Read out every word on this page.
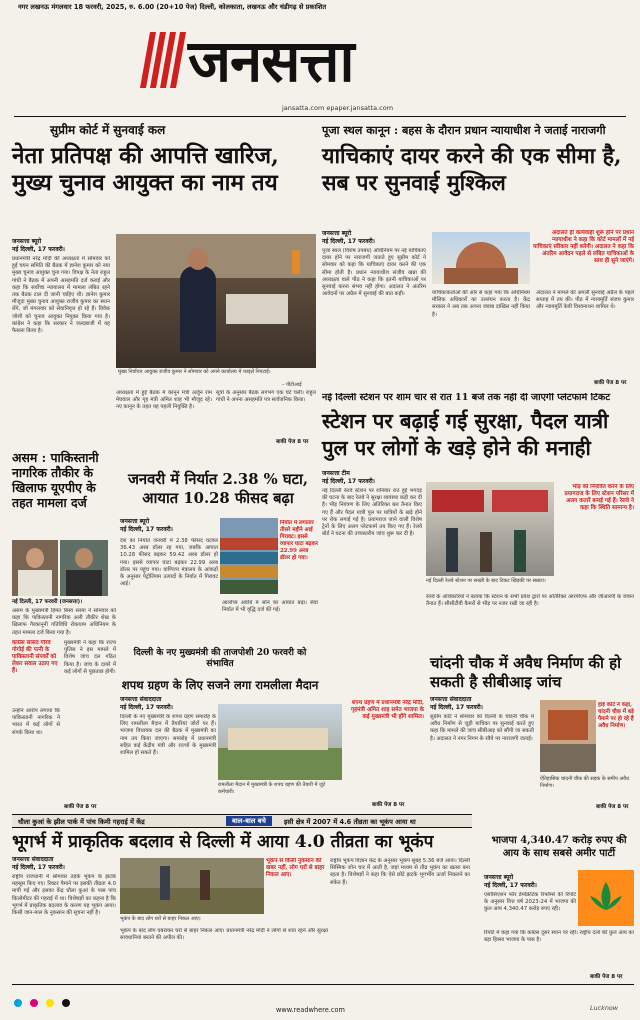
नगर लखनऊ मंगलवार 18 फरवरी, 2025, रु. 6.00 (20+10 पेज) दिल्ली, कोलकाता, लखनऊ और चंडीगढ़ से प्रकाशित
जनसत्ता
jansatta.com epaper.jansatta.com
सुप्रीम कोर्ट में सुनवाई कल	पूजा स्थल कानून : बहस के दौरान प्रधान न्यायाधीश ने जताई नाराजगी
नेता प्रतिपक्ष की आपत्ति खारिज, मुख्य चुनाव आयुक्त का नाम तय
जनसत्ता ब्यूरो
नई दिल्ली, 17 फरवरी।
प्रधानमंत्री नरेंद्र मोदी की अध्यक्षता में सोमवार को हुई चयन समिति की बैठक में ज्ञानेश कुमार को नया मुख्य चुनाव आयुक्त चुना गया। विपक्ष के नेता राहुल गांधी ने बैठक में अपनी असहमति दर्ज कराई और कहा कि सर्वोच्च न्यायालय में मामला लंबित रहने तक बैठक टाल दी जानी चाहिए थी। ज्ञानेश कुमार मौजूदा मुख्य चुनाव आयुक्त राजीव कुमार का स्थान लेंगे, जो मंगलवार को सेवानिवृत्त हो रहे हैं। विवेक जोशी को चुनाव आयुक्त नियुक्त किया गया है। कांग्रेस ने कहा कि सरकार ने जल्दबाजी में यह फैसला किया है।
मुख्य निर्वाचन आयुक्त राजीव कुमार ने सोमवार को अपने कार्यालय में फाइलें निपटाई।
– पीटीआई
अध्यक्षता में हुई बैठक में कानून मंत्री अर्जुन राम मेघवाल और गृह मंत्री अमित शाह भी मौजूद रहे। नए कानून के तहत यह पहली नियुक्ति है।
सूत्रों के अनुसार बैठक लगभग एक घंटे चली। राहुल गांधी ने अपना असहमति पत्र सार्वजनिक किया।
बाकी पेज 8 पर
याचिकाएं दायर करने की एक सीमा है, सब पर सुनवाई मुश्किल
जनसत्ता ब्यूरो
नई दिल्ली, 17 फरवरी।
पूजा स्थल (विशेष उपबंध) अधिनियम पर नई याचिकाएं दायर होने पर नाराजगी जताते हुए सुप्रीम कोर्ट ने सोमवार को कहा कि याचिकाएं दायर करने की एक सीमा होती है। प्रधान न्यायाधीश संजीव खन्ना की अध्यक्षता वाले पीठ ने कहा कि इतनी याचिकाओं पर सुनवाई करना संभव नहीं होगा। अदालत ने अंतरिम आवेदनों पर अप्रैल में सुनवाई की बात कही।
अदालत ही कार्यवाही शुरू होने पर प्रधान न्यायाधीश ने कहा कि कोर्ट मामलों में नई याचिकाएं स्वीकार नहीं करेगी। अदालत ने कहा कि अंतरिम आवेदन पहले से लंबित याचिकाओं के साथ ही सुने जाएंगे।
याचिकाकर्ताओं की ओर से कहा गया कि अधिनियम मौलिक अधिकारों का उल्लंघन करता है। केंद्र सरकार ने अब तक अपना जवाब दाखिल नहीं किया है।
अदालत ने मामले की अगली सुनवाई अप्रैल के पहले सप्ताह में तय की। पीठ में न्यायमूर्ति संजय कुमार और न्यायमूर्ति केवी विश्वनाथन शामिल थे।
बाकी पेज 8 पर
नई दिल्ली स्टेशन पर शाम चार से रात 11 बजे तक नहीं दी जाएगी प्लेटफार्म टिकट
स्टेशन पर बढ़ाई गई सुरक्षा, पैदल यात्री पुल पर लोगों के खड़े होने की मनाही
जनसत्ता टीम
नई दिल्ली, 17 फरवरी।
नई दिल्ली रेलवे स्टेशन पर शनिवार रात हुई भगदड़ की घटना के बाद रेलवे ने सुरक्षा व्यवस्था कड़ी कर दी है। भीड़ नियंत्रण के लिए अतिरिक्त बल तैनात किए गए हैं और पैदल यात्री पुल पर यात्रियों के खड़े होने पर रोक लगाई गई है। प्रयागराज जाने वाली विशेष ट्रेनों के लिए अलग प्लेटफार्म तय किए गए हैं। रेलवे बोर्ड ने घटना की उच्चस्तरीय जांच शुरू कर दी है।
नई दिल्ली रेलवे स्टेशन पर सख्ती के बाद टिकट खिड़की पर सन्नाटा।
भीड़ को नियंत्रित करने के लिए प्रयागराज के लिए स्टेशन परिसर में अलग कतारें बनाई गई हैं। रेलवे ने कहा कि स्थिति सामान्य है।
रेलवे के अधिकारियों ने बताया कि स्टेशन के सभी प्रवेश द्वारों पर अतिरिक्त आरपीएफ और जीआरपी के जवान तैनात हैं। सीसीटीवी कैमरों से भीड़ पर नजर रखी जा रही है।
असम : पाकिस्तानी नागरिक तौकीर के खिलाफ यूएपीए के तहत मामला दर्ज
नई दिल्ली, 17 फरवरी (जनसत्ता)।
असम के मुख्यमंत्री हिमंत बिस्व सरमा ने सोमवार को कहा कि पाकिस्तानी नागरिक अली तौकीर शेख के खिलाफ गैरकानूनी गतिविधि रोकथाम अधिनियम के तहत मामला दर्ज किया गया है।
कांग्रेस सांसद गौरव गोगोई की पत्नी के पाकिस्तानी संपर्कों को लेकर सवाल उठाए गए हैं।
मुख्यमंत्री ने कहा कि राज्य पुलिस ने इस मामले में विशेष जांच दल गठित किया है। जांच के दायरे में कई लोगों से पूछताछ होगी।
उन्होंने आरोप लगाया कि पाकिस्तानी नागरिक ने भारत में कई लोगों से संपर्क किया था।
बाकी पेज 8 पर
जनवरी में निर्यात 2.38 % घटा, आयात 10.28 फीसद बढ़ा
जनसत्ता ब्यूरो
नई दिल्ली, 17 फरवरी।
निर्यात में लगातार तीसरे महीने आई गिरावट। इससे व्यापार घाटा बढ़कर 22.99 अरब डॉलर हो गया।
देश का निर्यात जनवरी में 2.38 फीसद घटकर 36.43 अरब डॉलर रह गया, जबकि आयात 10.28 फीसद बढ़कर 59.42 अरब डॉलर हो गया। इससे व्यापार घाटा बढ़कर 22.99 अरब डॉलर पर पहुंच गया। वाणिज्य मंत्रालय के आंकड़ों के अनुसार पेट्रोलियम उत्पादों के निर्यात में गिरावट आई।
आलोच्य अवधि में सोने का आयात बढ़ा। सेवा निर्यात में भी वृद्धि दर्ज की गई।
दिल्ली के नए मुख्यमंत्री की ताजपोशी 20 फरवरी को संभावित
शपथ ग्रहण के लिए सजने लगा रामलीला मैदान
जनसत्ता संवाददाता
नई दिल्ली, 17 फरवरी।
दिल्ली के नए मुख्यमंत्री के शपथ ग्रहण समारोह के लिए रामलीला मैदान में तैयारियां जोरों पर हैं। भाजपा विधायक दल की बैठक में मुख्यमंत्री का नाम तय किया जाएगा। समारोह में प्रधानमंत्री सहित कई केंद्रीय मंत्री और राज्यों के मुख्यमंत्री शामिल हो सकते हैं।
रामलीला मैदान में मुख्यमंत्री के शपथ ग्रहण की तैयारी में जुटे कर्मचारी।
शपथ ग्रहण में प्रधानमंत्री नरेंद्र मोदी, गृहमंत्री अमित शाह समेत भाजपा के कई मुख्यमंत्री भी होंगे शामिल।
बाकी पेज 8 पर
चांदनी चौक में अवैध निर्माण की हो सकती है सीबीआइ जांच
जनसत्ता संवाददाता
नई दिल्ली, 17 फरवरी।
सुप्रीम कोर्ट ने सोमवार को दिल्ली के चांदनी चौक में अवैध निर्माण से जुड़ी याचिका पर सुनवाई करते हुए कहा कि मामले की जांच सीबीआइ को सौंपी जा सकती है। अदालत ने नगर निगम के रवैये पर नाराजगी जताई।
हाई कोर्ट ने कहा, चांदनी चौक में बड़े पैमाने पर हो रहे हैं अवैध निर्माण।
ऐतिहासिक चांदनी चौक की सड़क के समीप अवैध निर्माण।
बाकी पेज 8 पर
धौला कुआं के झील पार्क में पांच किमी गहराई में केंद्र	बाल-बाल बचे	इसी क्षेत्र में 2007 में 4.6 तीव्रता का भूकंप आया था
भूगर्भ में प्राकृतिक बदलाव से दिल्ली में आया 4.0 तीव्रता का भूकंप
जनसत्ता संवाददाता
नई दिल्ली, 17 फरवरी।
राष्ट्रीय राजधानी में सोमवार तड़के भूकंप के झटके महसूस किए गए। रिक्टर पैमाने पर इसकी तीव्रता 4.0 मापी गई और इसका केंद्र धौला कुआं के पास पांच किलोमीटर की गहराई में था। विशेषज्ञों का कहना है कि भूगर्भ में प्राकृतिक बदलाव के कारण यह भूकंप आया। किसी जान-माल के नुकसान की सूचना नहीं है।
भूकंप के बाद लोग घरों से बाहर निकल आए।
भूकंप से किसी नुकसान की खबर नहीं, लोग घरों से बाहर निकल आए।
भूकंप के बाद लोग घबराकर घरों से बाहर निकल आए। प्रधानमंत्री नरेंद्र मोदी ने लोगों से शांत रहने और सुरक्षा सावधानियां बरतने की अपील की।
राष्ट्रीय भूकंप विज्ञान केंद्र के अनुसार भूकंप सुबह 5.36 बजे आया। दिल्ली सिस्मिक जोन चार में आती है, जहां मध्यम से तीव्र भूकंप का खतरा बना रहता है। विशेषज्ञों ने कहा कि ऐसे छोटे झटके भूगर्भीय ऊर्जा निकलने का संकेत हैं।
भाजपा 4,340.47 करोड़ रुपए की आय के साथ सबसे अमीर पार्टी
जनसत्ता ब्यूरो
नई दिल्ली, 17 फरवरी।
एसोसिएशन फॉर डेमोक्रेटिक रिफॉर्म्स की रिपोर्ट के अनुसार वित्त वर्ष 2023-24 में भाजपा की कुल आय 4,340.47 करोड़ रुपए रही।
रिपोर्ट में कहा गया कि कांग्रेस दूसरे स्थान पर रही। राष्ट्रीय दलों की कुल आय का बड़ा हिस्सा भाजपा के पास है।
बाकी पेज 8 पर
www.readwhere.com	Lucknow
